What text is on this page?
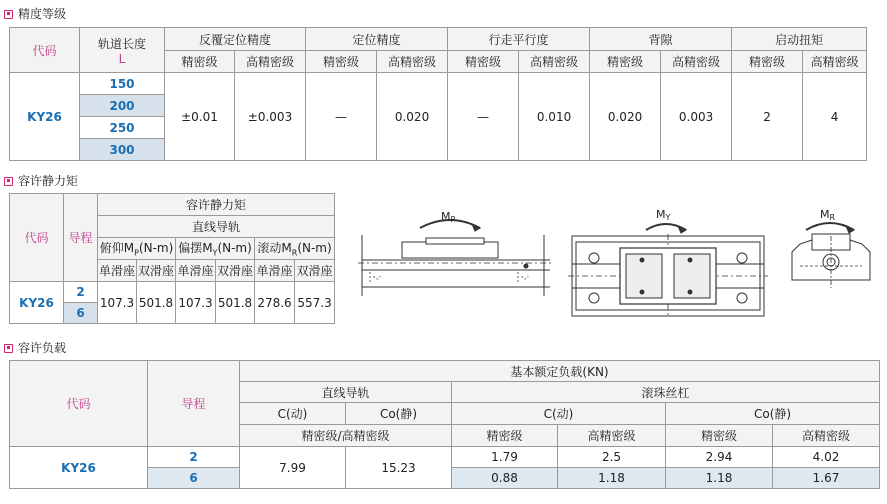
精度等级
代码	轨道长度
L	反覆定位精度		定位精度		行走平行度		背隙		启动扭矩	
		精密级	高精密级	精密级	高精密级	精密级	高精密级	精密级	高精密级	精密级	高精密级
KY26	150	±0.01	±0.003	—	0.020	—	0.010	0.020	0.003	2	4
	200										
	250										
	300										
容许静力矩
代码	导程	容许静力矩					
		直线导轨					
		俯仰$M_P(N-m)$		偏摆$M_Y(N-m)$		滚动$M_R(N-m)$	
		单滑座	双滑座	单滑座	双滑座	单滑座	双滑座
KY26	2	107.3	501.8	107.3	501.8	278.6	557.3
	6						
MP	MY	MR
容许负载
代码	导程	基本额定负载(KN)					
		直线导轨		滚珠丝杠			
		C(动)	Co(静)	C(动)		Co(静)	
		精密级/高精密级		精密级	高精密级	精密级	高精密级
KY26	2	7.99	15.23	1.79	2.5	2.94	4.02
	6			0.88	1.18	1.18	1.67
